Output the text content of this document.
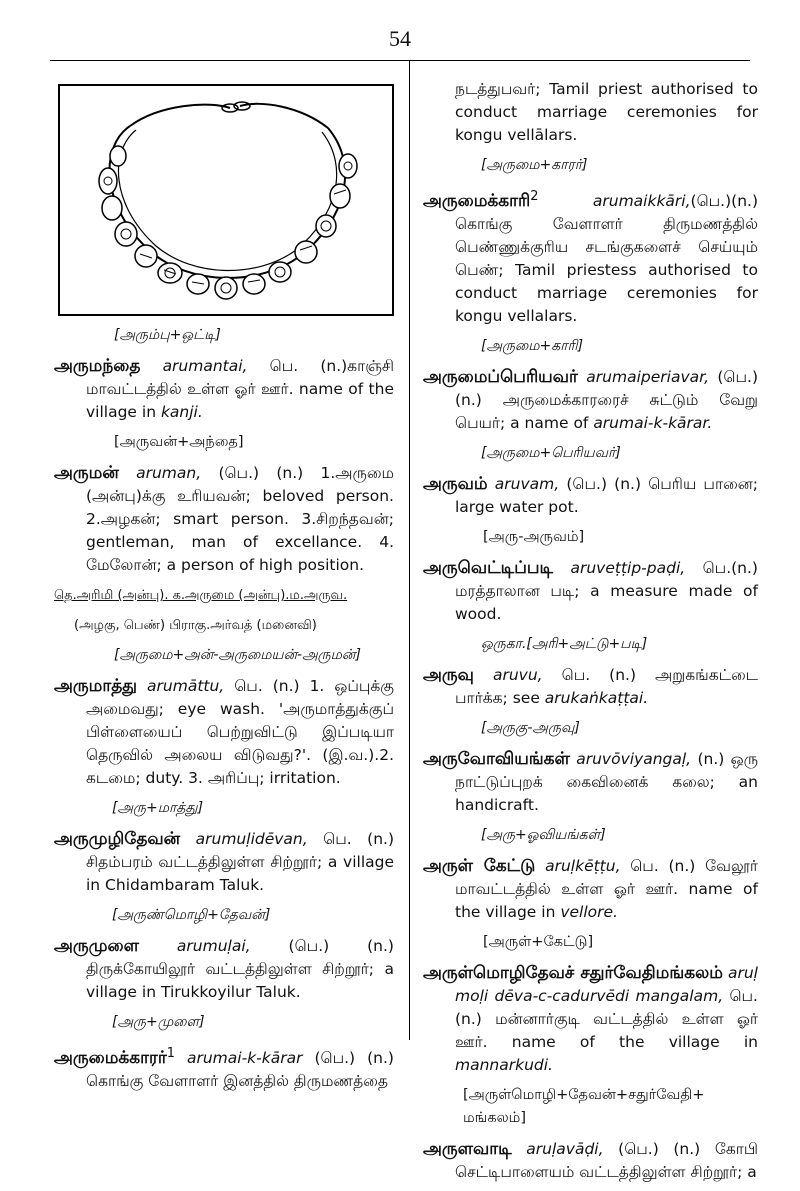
54
[அரும்பு+ஒட்டி]
அருமந்தை arumantai, பெ. (n.)காஞ்சி மாவட்டத்தில் உள்ள ஓர் ஊர். name of the village in kanji.
[அருவன்+அந்தை]
அருமன் aruman, (பெ.) (n.) 1.அருமை (அன்பு)க்கு உரியவன்; beloved person. 2.அழகன்; smart person. 3.சிறந்தவன்; gentleman, man of excellance. 4. மேலோன்; a person of high position.
தெ.அரிமி (அன்பு). க.அருமை (அன்பு).ம.அருவ.
(அழகு, பெண்) பிராகு.அர்வத் (மனைவி)
[அருமை+அன்-அருமையன்-அருமன்]
அருமாத்து arumāttu, பெ. (n.) 1. ஒப்புக்கு அமைவது; eye wash. 'அருமாத்துக்குப் பிள்ளையைப் பெற்றுவிட்டு இப்படியா தெருவில் அலைய விடுவது?'. (இ.வ.).2. கடமை; duty. 3. அரிப்பு; irritation.
[அரு+மாத்து]
அருமுழிதேவன் arumuḷidēvan, பெ. (n.) சிதம்பரம் வட்டத்திலுள்ள சிற்றூர்; a village in Chidambaram Taluk.
[அருண்மொழி+தேவன்]
அருமுளை arumuḷai, (பெ.) (n.) திருக்கோயிலூர் வட்டத்திலுள்ள சிற்றூர்; a village in Tirukkoyilur Taluk.
[அரு+முளை]
அருமைக்காரர்$^1$ arumai-k-kārar (பெ.) (n.) கொங்கு வேளாளர் இனத்தில் திருமணத்தை
நடத்துபவர்; Tamil priest authorised to conduct marriage ceremonies for kongu vellālars.
[அருமை+காரர்]
அருமைக்காரி$^2$	arumaikkāri,(பெ.)(n.) கொங்கு வேளாளர் திருமணத்தில் பெண்ணுக்குரிய சடங்குகளைச் செய்யும் பெண்; Tamil priestess authorised to conduct marriage ceremonies for kongu vellalars.
[அருமை+காரி]
அருமைப்பெரியவர் arumaiperiavar, (பெ.) (n.) அருமைக்காரரைச் சுட்டும் வேறு பெயர்; a name of arumai-k-kārar.
[அருமை+பெரியவர்]
அருவம் aruvam, (பெ.) (n.) பெரிய பானை; large water pot.
[அரு-அருவம்]
அருவெட்டிப்படி aruveṭṭip-paḍi, பெ.(n.) மரத்தாலான படி; a measure made of wood.
ஒருகா.[அரி+அட்டு+படி]
அருவு aruvu, பெ. (n.) அறுகங்கட்டை பார்க்க; see arukaṅkaṭṭai.
[அருகு-அருவு]
அருவோவியங்கள் aruvōviyangaḷ, (n.) ஒரு நாட்டுப்புறக் கைவினைக் கலை; an handicraft.
[அரு+ஓவியங்கள்]
அருள் கேட்டு aruḷkēṭṭu, பெ. (n.) வேலூர் மாவட்டத்தில் உள்ள ஓர் ஊர். name of the village in vellore.
[அருள்+கேட்டு]
அருள்மொழிதேவச் சதுர்வேதிமங்கலம் aruḷ moḷi dēva-c-cadurvēdi mangalam, பெ. (n.) மன்னார்குடி வட்டத்தில் உள்ள ஓர் ஊர். name of the village in mannarkudi.
[அருள்மொழி+தேவன்+சதுர்வேதி+ மங்கலம்]
அருளவாடி aruḷavāḍi, (பெ.) (n.) கோபி செட்டிபாளையம் வட்டத்திலுள்ள சிற்றூர்; a
